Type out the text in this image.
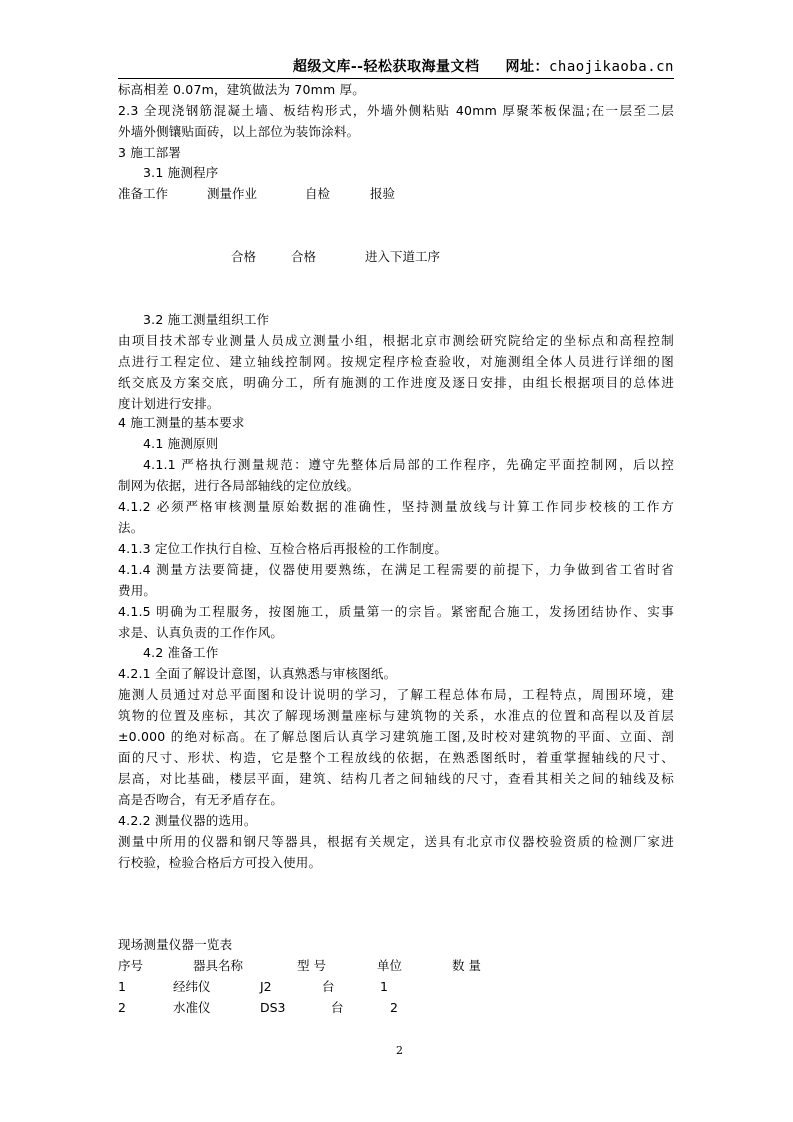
超级文库--轻松获取海量文档 网址：chaojikaoba.cn
标高相差 0.07m，建筑做法为 70mm 厚。
2.3 全现浇钢筋混凝土墙、板结构形式，外墙外侧粘贴 40mm 厚聚苯板保温;在一层至二层
外墙外侧镶贴面砖，以上部位为装饰涂料。
3 施工部署
3.1 施测程序
准备工作	测量作业	自检	报验
合格	合格	进入下道工序
3.2 施工测量组织工作
由项目技术部专业测量人员成立测量小组，根据北京市测绘研究院给定的坐标点和高程控制
点进行工程定位、建立轴线控制网。按规定程序检查验收，对施测组全体人员进行详细的图
纸交底及方案交底，明确分工，所有施测的工作进度及逐日安排，由组长根据项目的总体进
度计划进行安排。
4 施工测量的基本要求
4.1 施测原则
4.1.1 严格执行测量规范：遵守先整体后局部的工作程序，先确定平面控制网，后以控
制网为依据，进行各局部轴线的定位放线。
4.1.2 必须严格审核测量原始数据的准确性，坚持测量放线与计算工作同步校核的工作方
法。
4.1.3 定位工作执行自检、互检合格后再报检的工作制度。
4.1.4 测量方法要简捷，仪器使用要熟练，在满足工程需要的前提下，力争做到省工省时省
费用。
4.1.5 明确为工程服务，按图施工，质量第一的宗旨。紧密配合施工，发扬团结协作、实事
求是、认真负责的工作作风。
4.2 准备工作
4.2.1 全面了解设计意图，认真熟悉与审核图纸。
施测人员通过对总平面图和设计说明的学习，了解工程总体布局，工程特点，周围环境，建
筑物的位置及座标，其次了解现场测量座标与建筑物的关系，水准点的位置和高程以及首层
±0.000 的绝对标高。在了解总图后认真学习建筑施工图,及时校对建筑物的平面、立面、剖
面的尺寸、形状、构造，它是整个工程放线的依据，在熟悉图纸时，着重掌握轴线的尺寸、
层高，对比基础，楼层平面，建筑、结构几者之间轴线的尺寸，查看其相关之间的轴线及标
高是否吻合，有无矛盾存在。
4.2.2 测量仪器的选用。
测量中所用的仪器和钢尺等器具，根据有关规定，送具有北京市仪器校验资质的检测厂家进
行校验，检验合格后方可投入使用。
现场测量仪器一览表
序号	器具名称	型 号	单位	数 量
1	经纬仪	J2	台	1
2	水准仪	DS3	台	2
2
